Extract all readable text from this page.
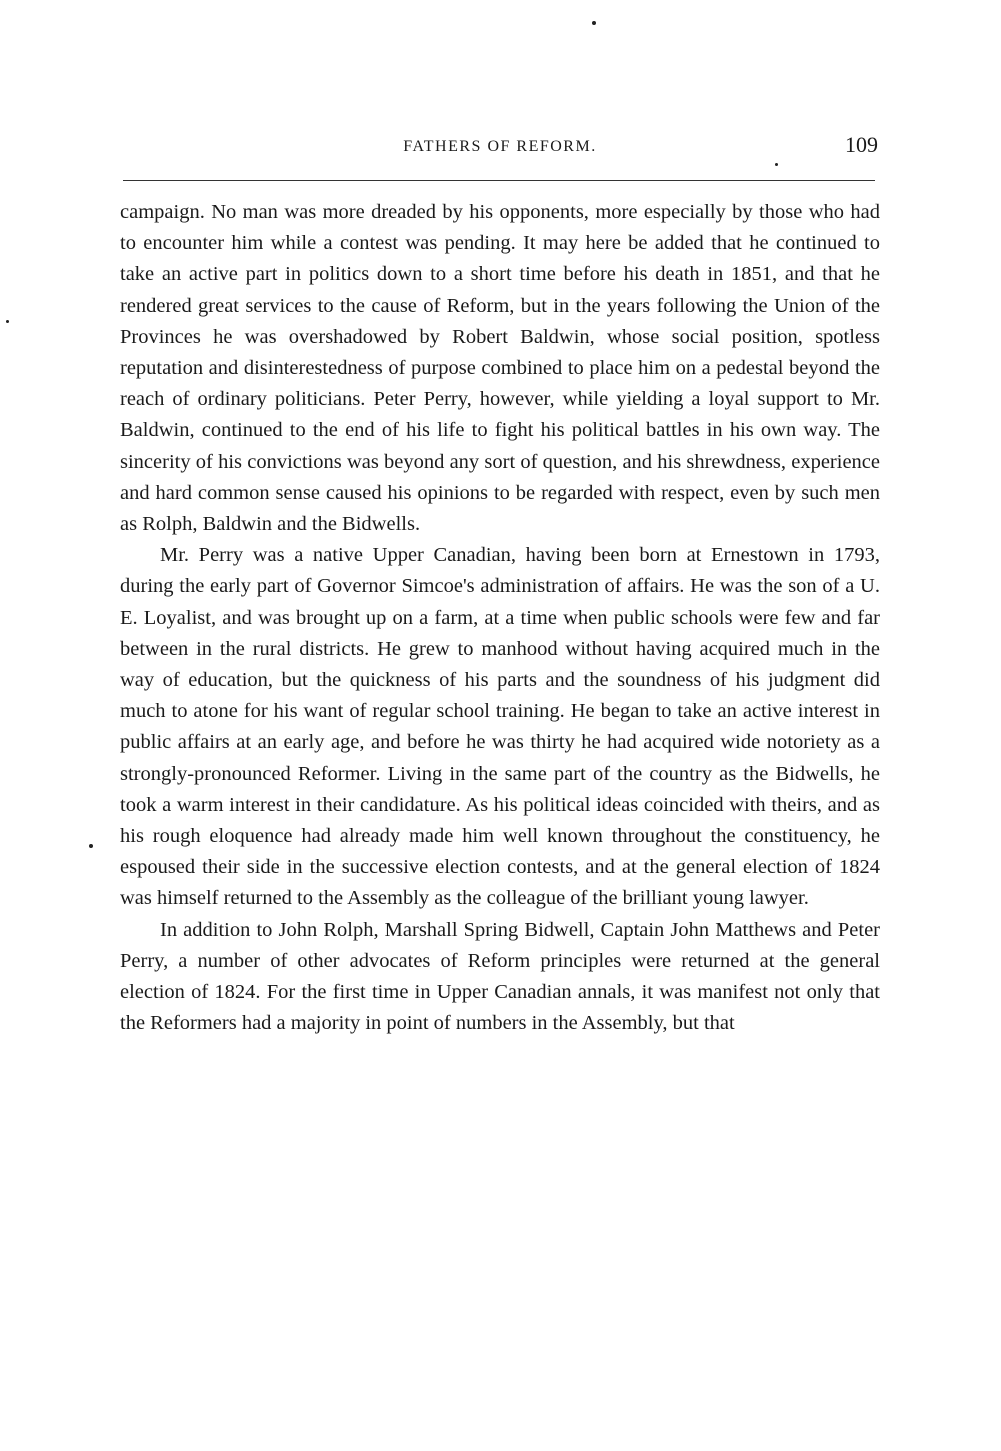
FATHERS OF REFORM.	109

campaign. No man was more dreaded by his opponents, more especially by those who had to encounter him while a contest was pending. It may here be added that he continued to take an active part in politics down to a short time before his death in 1851, and that he rendered great services to the cause of Reform, but in the years following the Union of the Provinces he was overshadowed by Robert Baldwin, whose social position, spotless reputation and disinterestedness of purpose combined to place him on a pedestal beyond the reach of ordinary politicians. Peter Perry, however, while yielding a loyal support to Mr. Baldwin, continued to the end of his life to fight his political battles in his own way. The sincerity of his convictions was beyond any sort of question, and his shrewdness, experience and hard common sense caused his opinions to be regarded with respect, even by such men as Rolph, Baldwin and the Bidwells.

Mr. Perry was a native Upper Canadian, having been born at Ernestown in 1793, during the early part of Governor Simcoe's administration of affairs. He was the son of a U. E. Loyalist, and was brought up on a farm, at a time when public schools were few and far between in the rural districts. He grew to manhood without having acquired much in the way of education, but the quickness of his parts and the soundness of his judgment did much to atone for his want of regular school training. He began to take an active interest in public affairs at an early age, and before he was thirty he had acquired wide notoriety as a strongly-pronounced Reformer. Living in the same part of the country as the Bidwells, he took a warm interest in their candidature. As his political ideas coincided with theirs, and as his rough eloquence had already made him well known throughout the constituency, he espoused their side in the successive election contests, and at the general election of 1824 was himself returned to the Assembly as the colleague of the brilliant young lawyer.

In addition to John Rolph, Marshall Spring Bidwell, Captain John Matthews and Peter Perry, a number of other advocates of Reform principles were returned at the general election of 1824. For the first time in Upper Canadian annals, it was manifest not only that the Reformers had a majority in point of numbers in the Assembly, but that
